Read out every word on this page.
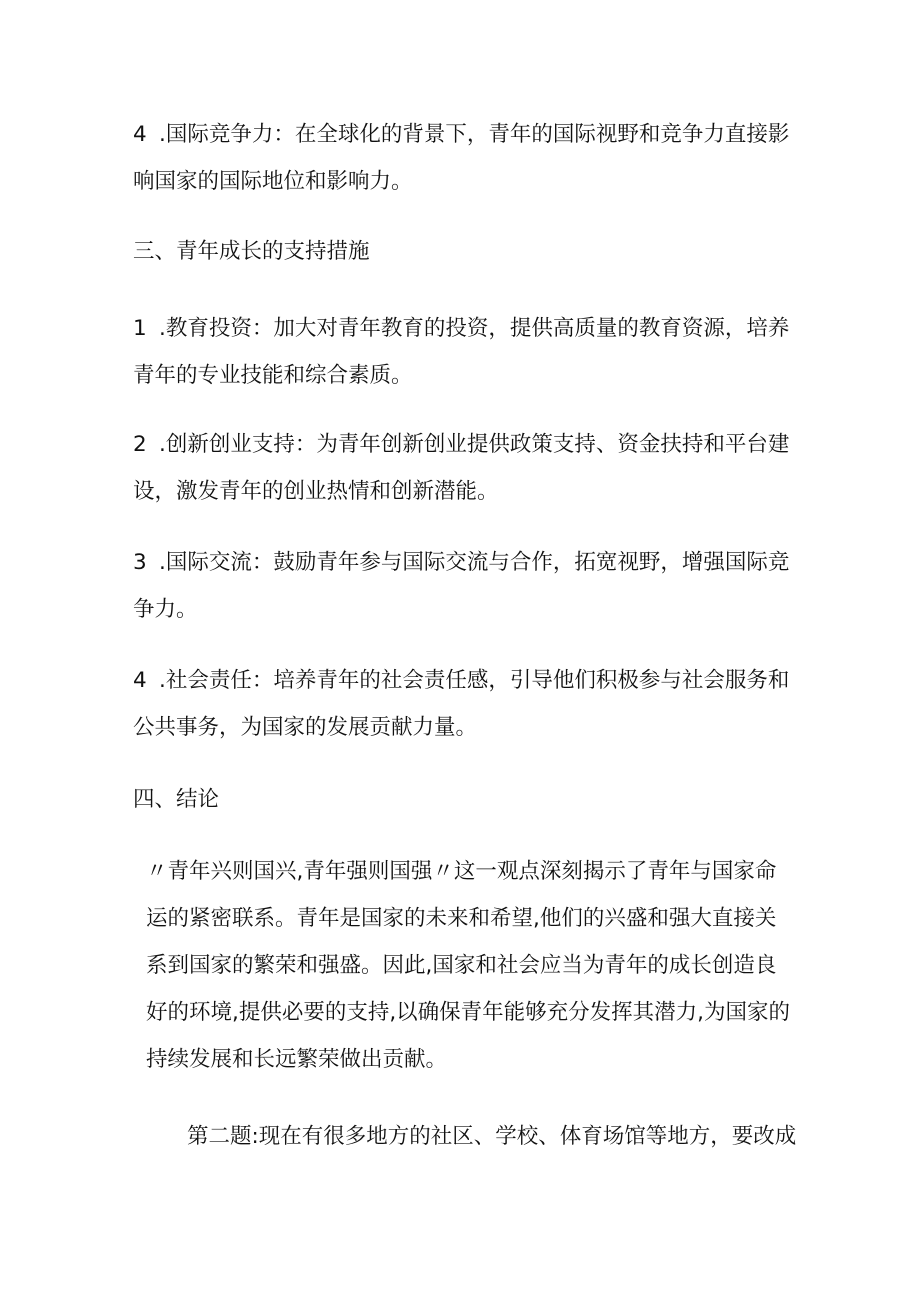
4 .国际竞争力：在全球化的背景下，青年的国际视野和竞争力直接影响国家的国际地位和影响力。

三、青年成长的支持措施

1 .教育投资：加大对青年教育的投资，提供高质量的教育资源，培养青年的专业技能和综合素质。

2 .创新创业支持：为青年创新创业提供政策支持、资金扶持和平台建设，激发青年的创业热情和创新潜能。

3 .国际交流：鼓励青年参与国际交流与合作，拓宽视野，增强国际竞争力。

4 .社会责任：培养青年的社会责任感，引导他们积极参与社会服务和公共事务，为国家的发展贡献力量。

四、结论

〃青年兴则国兴,青年强则国强〃这一观点深刻揭示了青年与国家命运的紧密联系。青年是国家的未来和希望,他们的兴盛和强大直接关系到国家的繁荣和强盛。因此,国家和社会应当为青年的成长创造良好的环境,提供必要的支持,以确保青年能够充分发挥其潜力,为国家的持续发展和长远繁荣做出贡献。

第二题:现在有很多地方的社区、学校、体育场馆等地方，要改成
